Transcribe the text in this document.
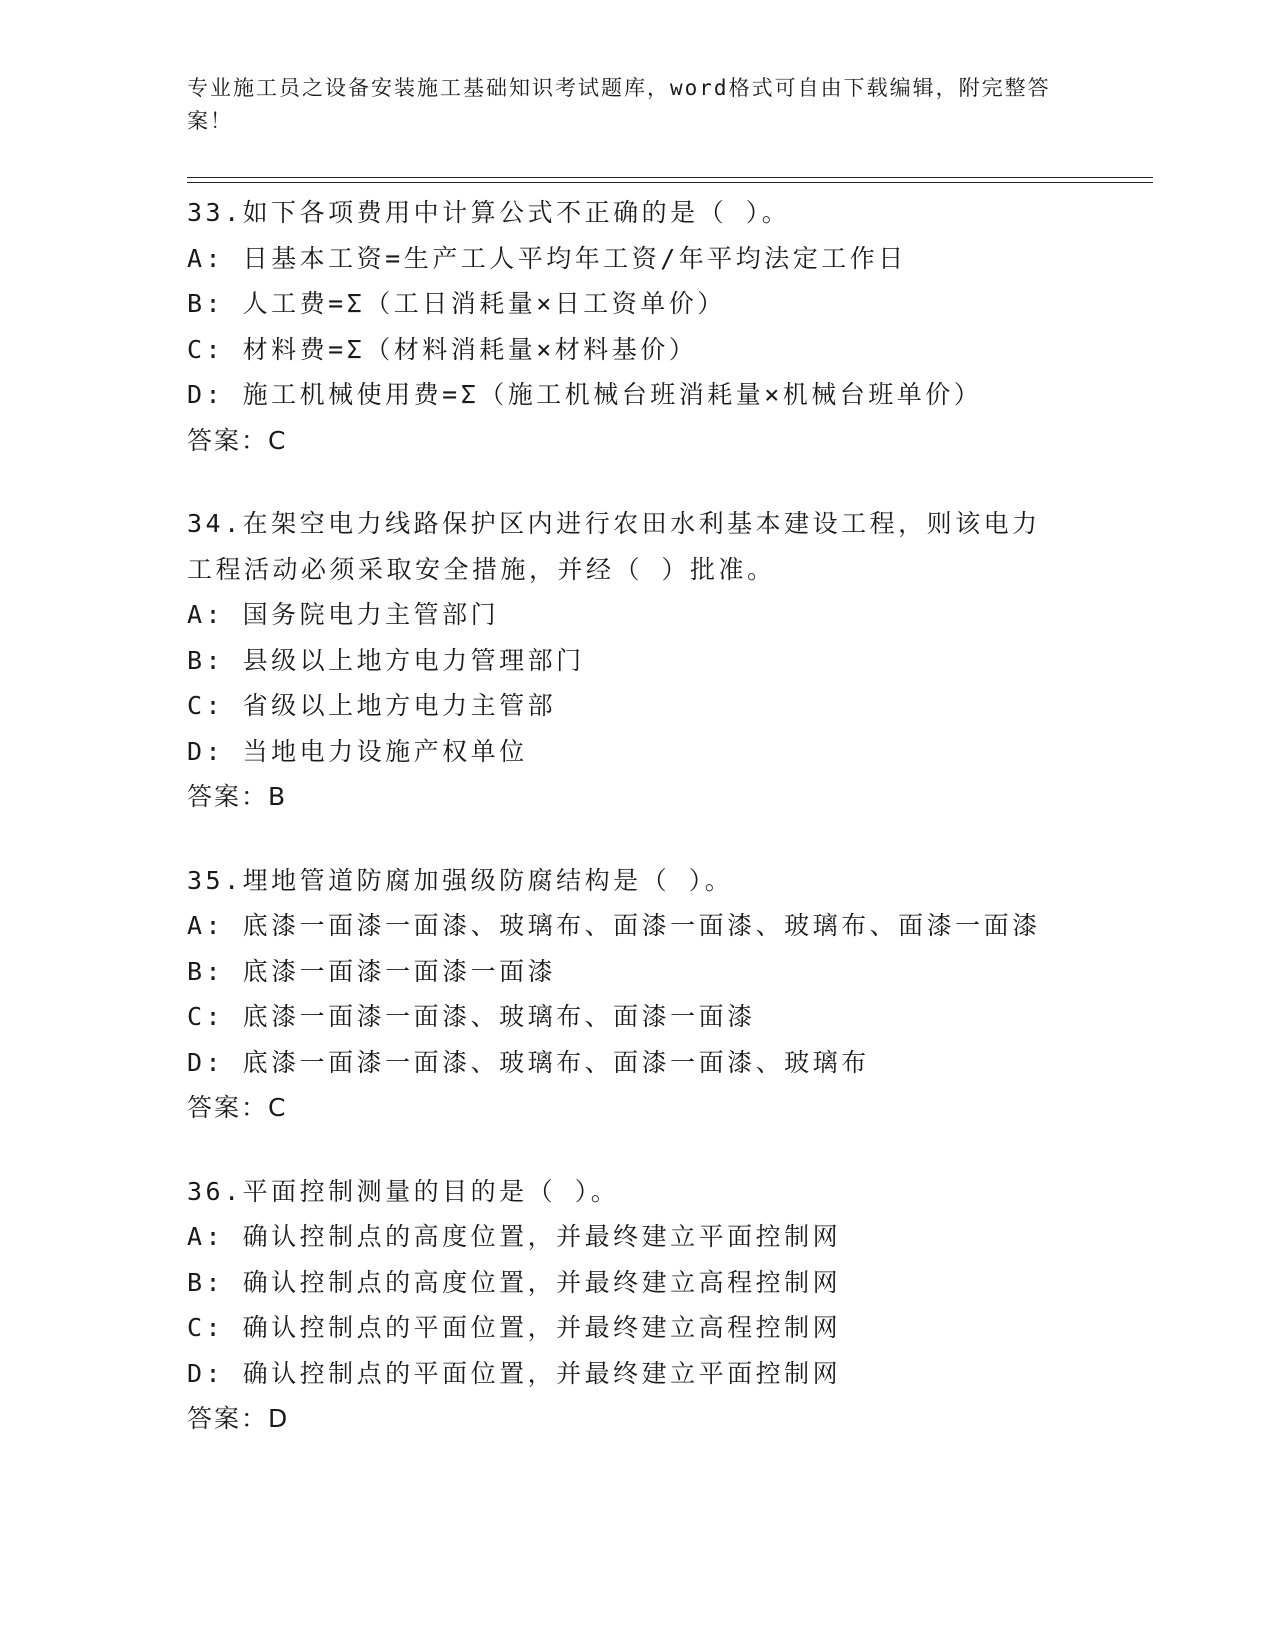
专业施工员之设备安装施工基础知识考试题库，word格式可自由下载编辑，附完整答案！
33.如下各项费用中计算公式不正确的是（ ）。
A: 日基本工资=生产工人平均年工资/年平均法定工作日
B: 人工费=Σ（工日消耗量×日工资单价）
C: 材料费=Σ（材料消耗量×材料基价）
D: 施工机械使用费=Σ（施工机械台班消耗量×机械台班单价）
答案：C
34.在架空电力线路保护区内进行农田水利基本建设工程，则该电力工程活动必须采取安全措施，并经（ ）批准。
A: 国务院电力主管部门
B: 县级以上地方电力管理部门
C: 省级以上地方电力主管部
D: 当地电力设施产权单位
答案：B
35.埋地管道防腐加强级防腐结构是（ ）。
A: 底漆一面漆一面漆、玻璃布、面漆一面漆、玻璃布、面漆一面漆
B: 底漆一面漆一面漆一面漆
C: 底漆一面漆一面漆、玻璃布、面漆一面漆
D: 底漆一面漆一面漆、玻璃布、面漆一面漆、玻璃布
答案：C
36.平面控制测量的目的是（ ）。
A: 确认控制点的高度位置，并最终建立平面控制网
B: 确认控制点的高度位置，并最终建立高程控制网
C: 确认控制点的平面位置，并最终建立高程控制网
D: 确认控制点的平面位置，并最终建立平面控制网
答案：D
